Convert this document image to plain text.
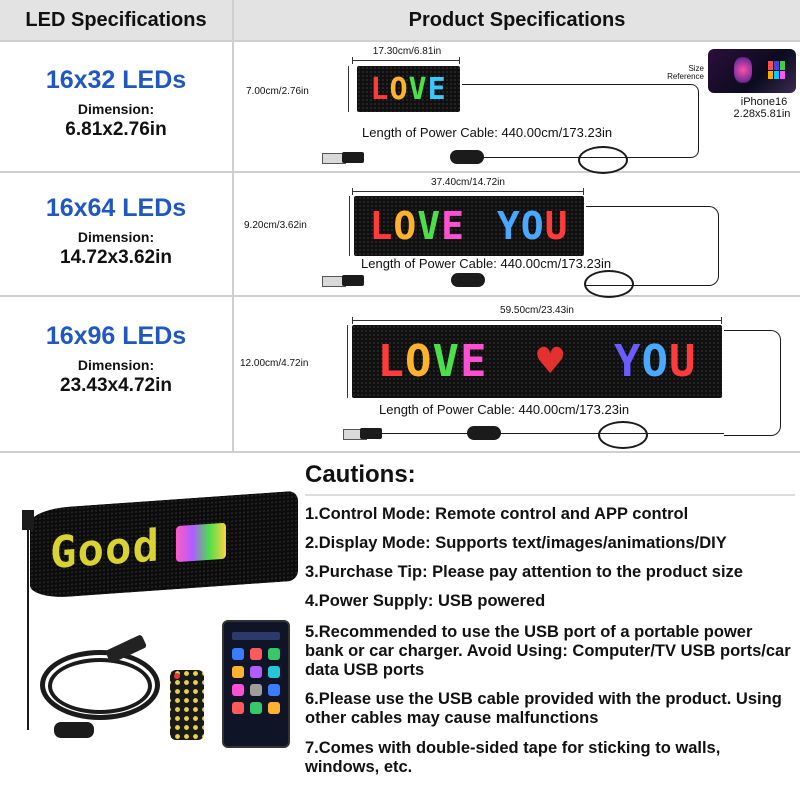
LED Specifications	Product Specifications
16x32 LEDs
Dimension:
6.81x2.76in
16x64 LEDs
Dimension:
14.72x3.62in
16x96 LEDs
Dimension:
23.43x4.72in
17.30cm/6.81in
7.00cm/2.76in LOVE
Length of Power Cable: 440.00cm/173.23in
Size
Reference
iPhone16
2.28x5.81in
37.40cm/14.72in
9.20cm/3.62in LOVE YOU
Length of Power Cable: 440.00cm/173.23in
59.50cm/23.43in
12.00cm/4.72in LOVE ♥ YOU
Length of Power Cable: 440.00cm/173.23in
Good
Cautions:
1.Control Mode: Remote control and APP control
2.Display Mode: Supports text/images/animations/DIY
3.Purchase Tip: Please pay attention to the product size
4.Power Supply: USB powered
5.Recommended to use the USB port of a portable power bank or car charger. Avoid Using: Computer/TV USB ports/car data USB ports
6.Please use the USB cable provided with the product. Using other cables may cause malfunctions
7.Comes with double-sided tape for sticking to walls, windows, etc.
